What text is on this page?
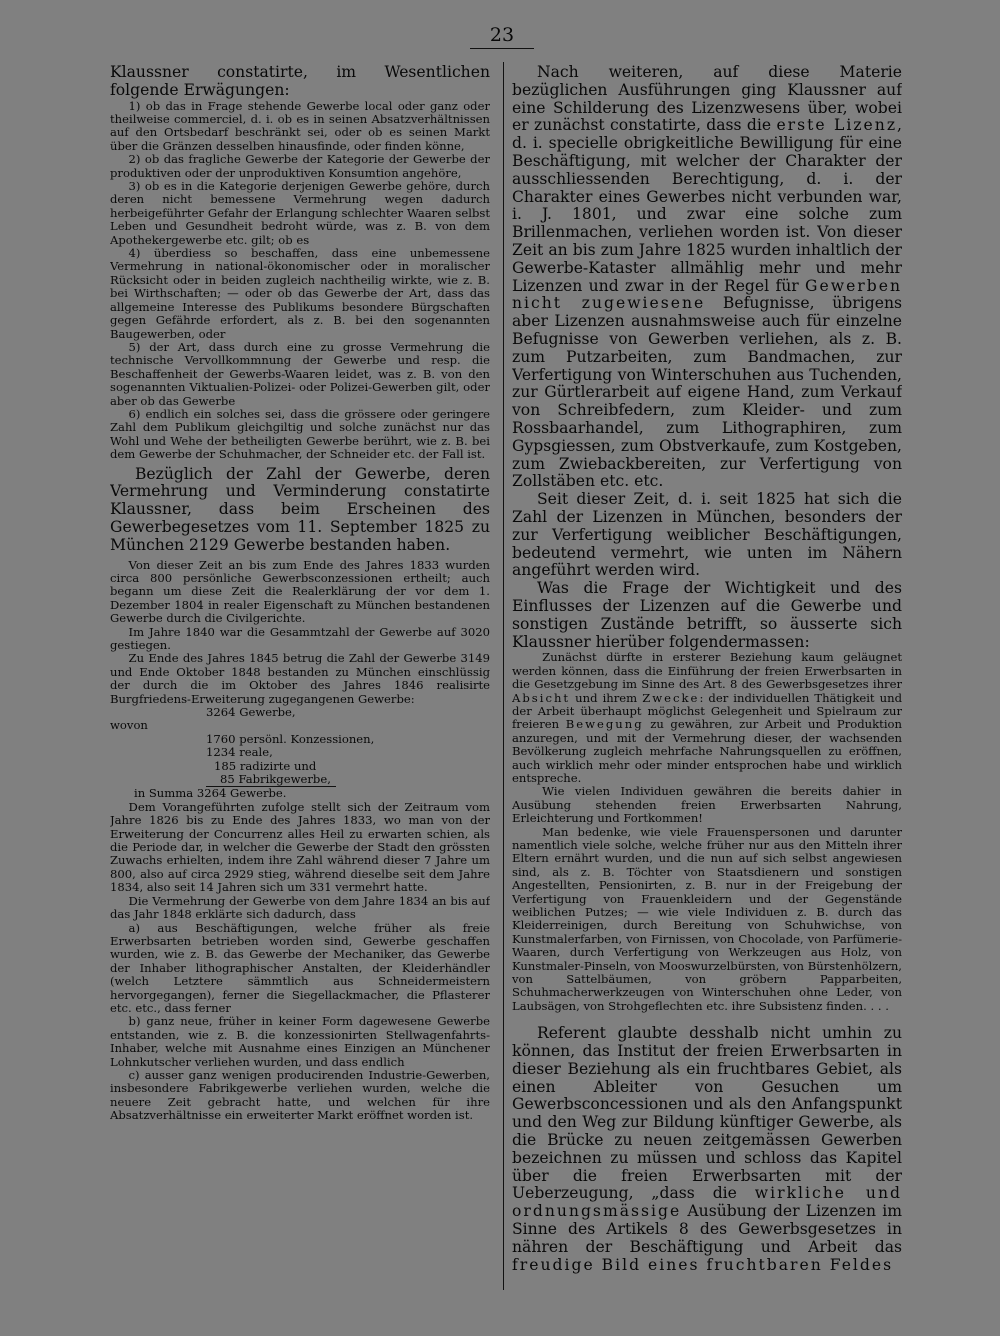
23

Klaussner constatirte, im Wesentlichen folgende Erwägungen:

1) ob das in Frage stehende Gewerbe local oder ganz oder theilweise commerciel, d. i. ob es in seinen Absatzverhältnissen auf den Ortsbedarf beschränkt sei, oder ob es seinen Markt über die Gränzen desselben hinausfinde, oder finden könne,

2) ob das fragliche Gewerbe der Kategorie der Gewerbe der produktiven oder der unproduktiven Konsumtion angehöre,

3) ob es in die Kategorie derjenigen Gewerbe gehöre, durch deren nicht bemessene Vermehrung wegen dadurch herbeigeführter Gefahr der Erlangung schlechter Waaren selbst Leben und Gesundheit bedroht würde, was z. B. von dem Apothekergewerbe etc. gilt; ob es

4) überdiess so beschaffen, dass eine unbemessene Vermehrung in national-ökonomischer oder in moralischer Rücksicht oder in beiden zugleich nachtheilig wirkte, wie z. B. bei Wirthschaften; — oder ob das Gewerbe der Art, dass das allgemeine Interesse des Publikums besondere Bürgschaften gegen Gefährde erfordert, als z. B. bei den sogenannten Baugewerben, oder

5) der Art, dass durch eine zu grosse Vermehrung die technische Vervollkommnung der Gewerbe und resp. die Beschaffenheit der Gewerbs-Waaren leidet, was z. B. von den sogenannten Viktualien-Polizei- oder Polizei-Gewerben gilt, oder aber ob das Gewerbe

6) endlich ein solches sei, dass die grössere oder geringere Zahl dem Publikum gleichgiltig und solche zunächst nur das Wohl und Wehe der betheiligten Gewerbe berührt, wie z. B. bei dem Gewerbe der Schuhmacher, der Schneider etc. der Fall ist.

Bezüglich der Zahl der Gewerbe, deren Vermehrung und Verminderung constatirte Klaussner, dass beim Erscheinen des Gewerbegesetzes vom 11. September 1825 zu München 2129 Gewerbe bestanden haben.

Von dieser Zeit an bis zum Ende des Jahres 1833 wurden circa 800 persönliche Gewerbsconzessionen ertheilt; auch begann um diese Zeit die Realerklärung der vor dem 1. Dezember 1804 in realer Eigenschaft zu München bestandenen Gewerbe durch die Civilgerichte.

Im Jahre 1840 war die Gesammtzahl der Gewerbe auf 3020 gestiegen.

Zu Ende des Jahres 1845 betrug die Zahl der Gewerbe 3149 und Ende Oktober 1848 bestanden zu München einschlüssig der durch die im Oktober des Jahres 1846 realisirte Burgfriedens-Erweiterung zugegangenen Gewerbe:

3264 Gewerbe,
wovon
1760 persönl. Konzessionen,
1234 reale,
185 radizirte und
85 Fabrikgewerbe,
in Summa 3264 Gewerbe.

Dem Vorangeführten zufolge stellt sich der Zeitraum vom Jahre 1826 bis zu Ende des Jahres 1833, wo man von der Erweiterung der Concurrenz alles Heil zu erwarten schien, als die Periode dar, in welcher die Gewerbe der Stadt den grössten Zuwachs erhielten, indem ihre Zahl während dieser 7 Jahre um 800, also auf circa 2929 stieg, während dieselbe seit dem Jahre 1834, also seit 14 Jahren sich um 331 vermehrt hatte.

Die Vermehrung der Gewerbe von dem Jahre 1834 an bis auf das Jahr 1848 erklärte sich dadurch, dass

a) aus Beschäftigungen, welche früher als freie Erwerbsarten betrieben worden sind, Gewerbe geschaffen wurden, wie z. B. das Gewerbe der Mechaniker, das Gewerbe der Inhaber lithographischer Anstalten, der Kleiderhändler (welch Letztere sämmtlich aus Schneidermeistern hervorgegangen), ferner die Siegellackmacher, die Pflasterer etc. etc., dass ferner

b) ganz neue, früher in keiner Form dagewesene Gewerbe entstanden, wie z. B. die konzessionirten Stellwagenfahrts-Inhaber, welche mit Ausnahme eines Einzigen an Münchener Lohnkutscher verliehen wurden, und dass endlich

c) ausser ganz wenigen producirenden Industrie-Gewerben, insbesondere Fabrikgewerbe verliehen wurden, welche die neuere Zeit gebracht hatte, und welchen für ihre Absatzverhältnisse ein erweiterter Markt eröffnet worden ist.

Nach weiteren, auf diese Materie bezüglichen Ausführungen ging Klaussner auf eine Schilderung des Lizenzwesens über, wobei er zunächst constatirte, dass die erste Lizenz, d. i. specielle obrigkeitliche Bewilligung für eine Beschäftigung, mit welcher der Charakter der ausschliessenden Berechtigung, d. i. der Charakter eines Gewerbes nicht verbunden war, i. J. 1801, und zwar eine solche zum Brillenmachen, verliehen worden ist. Von dieser Zeit an bis zum Jahre 1825 wurden inhaltlich der Gewerbe-Kataster allmählig mehr und mehr Lizenzen und zwar in der Regel für Gewerben nicht zugewiesene Befugnisse, übrigens aber Lizenzen ausnahmsweise auch für einzelne Befugnisse von Gewerben verliehen, als z. B. zum Putzarbeiten, zum Bandmachen, zur Verfertigung von Winterschuhen aus Tuchenden, zur Gürtlerarbeit auf eigene Hand, zum Verkauf von Schreibfedern, zum Kleider- und zum Rossbaarhandel, zum Lithographiren, zum Gypsgiessen, zum Obstverkaufe, zum Kostgeben, zum Zwiebackbereiten, zur Verfertigung von Zollstäben etc. etc.

Seit dieser Zeit, d. i. seit 1825 hat sich die Zahl der Lizenzen in München, besonders der zur Verfertigung weiblicher Beschäftigungen, bedeutend vermehrt, wie unten im Nähern angeführt werden wird.

Was die Frage der Wichtigkeit und des Einflusses der Lizenzen auf die Gewerbe und sonstigen Zustände betrifft, so äusserte sich Klaussner hierüber folgendermassen:

Zunächst dürfte in ersterer Beziehung kaum geläugnet werden können, dass die Einführung der freien Erwerbsarten in die Gesetzgebung im Sinne des Art. 8 des Gewerbsgesetzes ihrer Absicht und ihrem Zwecke: der individuellen Thätigkeit und der Arbeit überhaupt möglichst Gelegenheit und Spielraum zur freieren Bewegung zu gewähren, zur Arbeit und Produktion anzuregen, und mit der Vermehrung dieser, der wachsenden Bevölkerung zugleich mehrfache Nahrungsquellen zu eröffnen, auch wirklich mehr oder minder entsprochen habe und wirklich entspreche.

Wie vielen Individuen gewähren die bereits dahier in Ausübung stehenden freien Erwerbsarten Nahrung, Erleichterung und Fortkommen!

Man bedenke, wie viele Frauenspersonen und darunter namentlich viele solche, welche früher nur aus den Mitteln ihrer Eltern ernährt wurden, und die nun auf sich selbst angewiesen sind, als z. B. Töchter von Staatsdienern und sonstigen Angestellten, Pensionirten, z. B. nur in der Freigebung der Verfertigung von Frauenkleidern und der Gegenstände weiblichen Putzes; — wie viele Individuen z. B. durch das Kleiderreinigen, durch Bereitung von Schuhwichse, von Kunstmalerfarben, von Firnissen, von Chocolade, von Parfümerie-Waaren, durch Verfertigung von Werkzeugen aus Holz, von Kunstmaler-Pinseln, von Mooswurzelbürsten, von Bürstenhölzern, von Sattelbäumen, von gröbern Papparbeiten, Schuhmacherwerkzeugen von Winterschuhen ohne Leder, von Laubsägen, von Strohgeflechten etc. ihre Subsistenz finden. . . .

Referent glaubte desshalb nicht umhin zu können, das Institut der freien Erwerbsarten in dieser Beziehung als ein fruchtbares Gebiet, als einen Ableiter von Gesuchen um Gewerbsconcessionen und als den Anfangspunkt und den Weg zur Bildung künftiger Gewerbe, als die Brücke zu neuen zeitgemässen Gewerben bezeichnen zu müssen und schloss das Kapitel über die freien Erwerbsarten mit der Ueberzeugung, „dass die wirkliche und ordnungsmässige Ausübung der Lizenzen im Sinne des Artikels 8 des Gewerbsgesetzes in nähren der Beschäftigung und Arbeit das freudige Bild eines fruchtbaren Feldes
